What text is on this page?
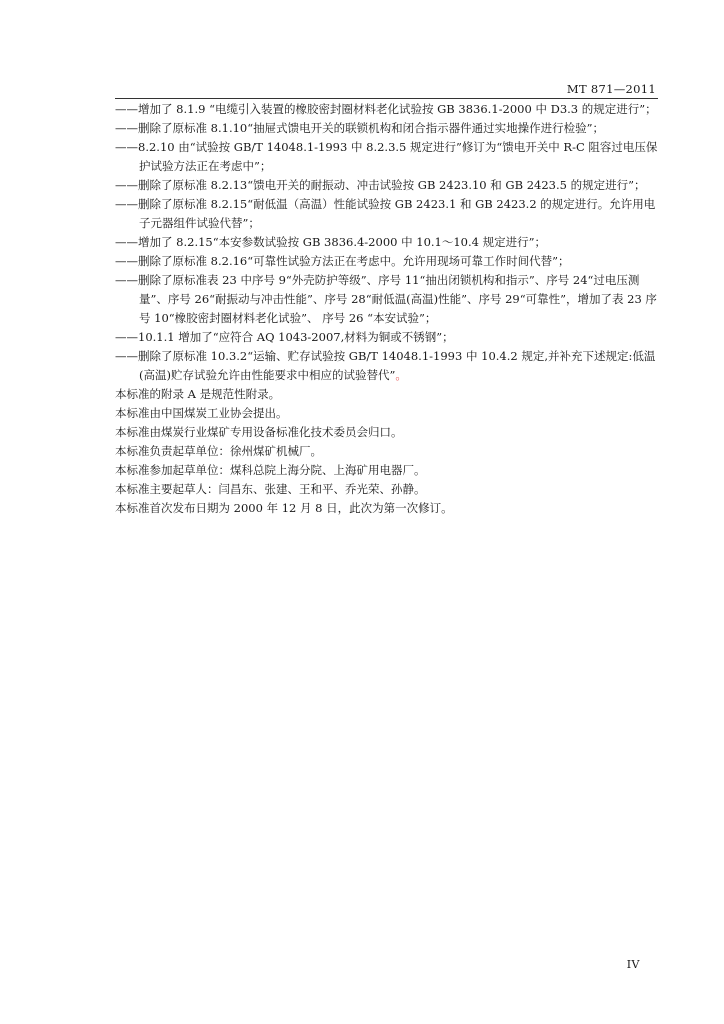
MT 871—2011

——增加了 8.1.9 “电缆引入装置的橡胶密封圈材料老化试验按 GB 3836.1-2000 中 D3.3 的规定进行”；

——删除了原标准 8.1.10“抽屉式馈电开关的联锁机构和闭合指示器件通过实地操作进行检验”；

——8.2.10 由“试验按 GB/T 14048.1-1993 中 8.2.3.5 规定进行”修订为“馈电开关中 R-C 阻容过电压保护试验方法正在考虑中”；

——删除了原标准 8.2.13“馈电开关的耐振动、冲击试验按 GB 2423.10 和 GB 2423.5 的规定进行”；

——删除了原标准 8.2.15“耐低温（高温）性能试验按 GB 2423.1 和 GB 2423.2 的规定进行。允许用电子元器组件试验代替”；

——增加了 8.2.15“本安参数试验按 GB 3836.4-2000 中 10.1～10.4 规定进行”；

——删除了原标准 8.2.16“可靠性试验方法正在考虑中。允许用现场可靠工作时间代替”；

——删除了原标准表 23 中序号 9“外壳防护等级”、序号 11“抽出闭锁机构和指示”、序号 24“过电压测量”、序号 26“耐振动与冲击性能”、序号 28“耐低温(高温)性能”、序号 29“可靠性”，增加了表 23 序号 10“橡胶密封圈材料老化试验”、 序号 26 “本安试验”；

——10.1.1 增加了“应符合 AQ 1043-2007,材料为铜或不锈钢”；

——删除了原标准 10.3.2“运输、贮存试验按 GB/T 14048.1-1993 中 10.4.2 规定,并补充下述规定:低温(高温)贮存试验允许由性能要求中相应的试验替代”。

本标准的附录 A 是规范性附录。

本标准由中国煤炭工业协会提出。

本标准由煤炭行业煤矿专用设备标准化技术委员会归口。

本标准负责起草单位：徐州煤矿机械厂。

本标准参加起草单位：煤科总院上海分院、上海矿用电器厂。

本标准主要起草人：闫昌东、张建、王和平、乔光荣、孙静。

本标准首次发布日期为 2000 年 12 月 8 日，此次为第一次修订。

IV
